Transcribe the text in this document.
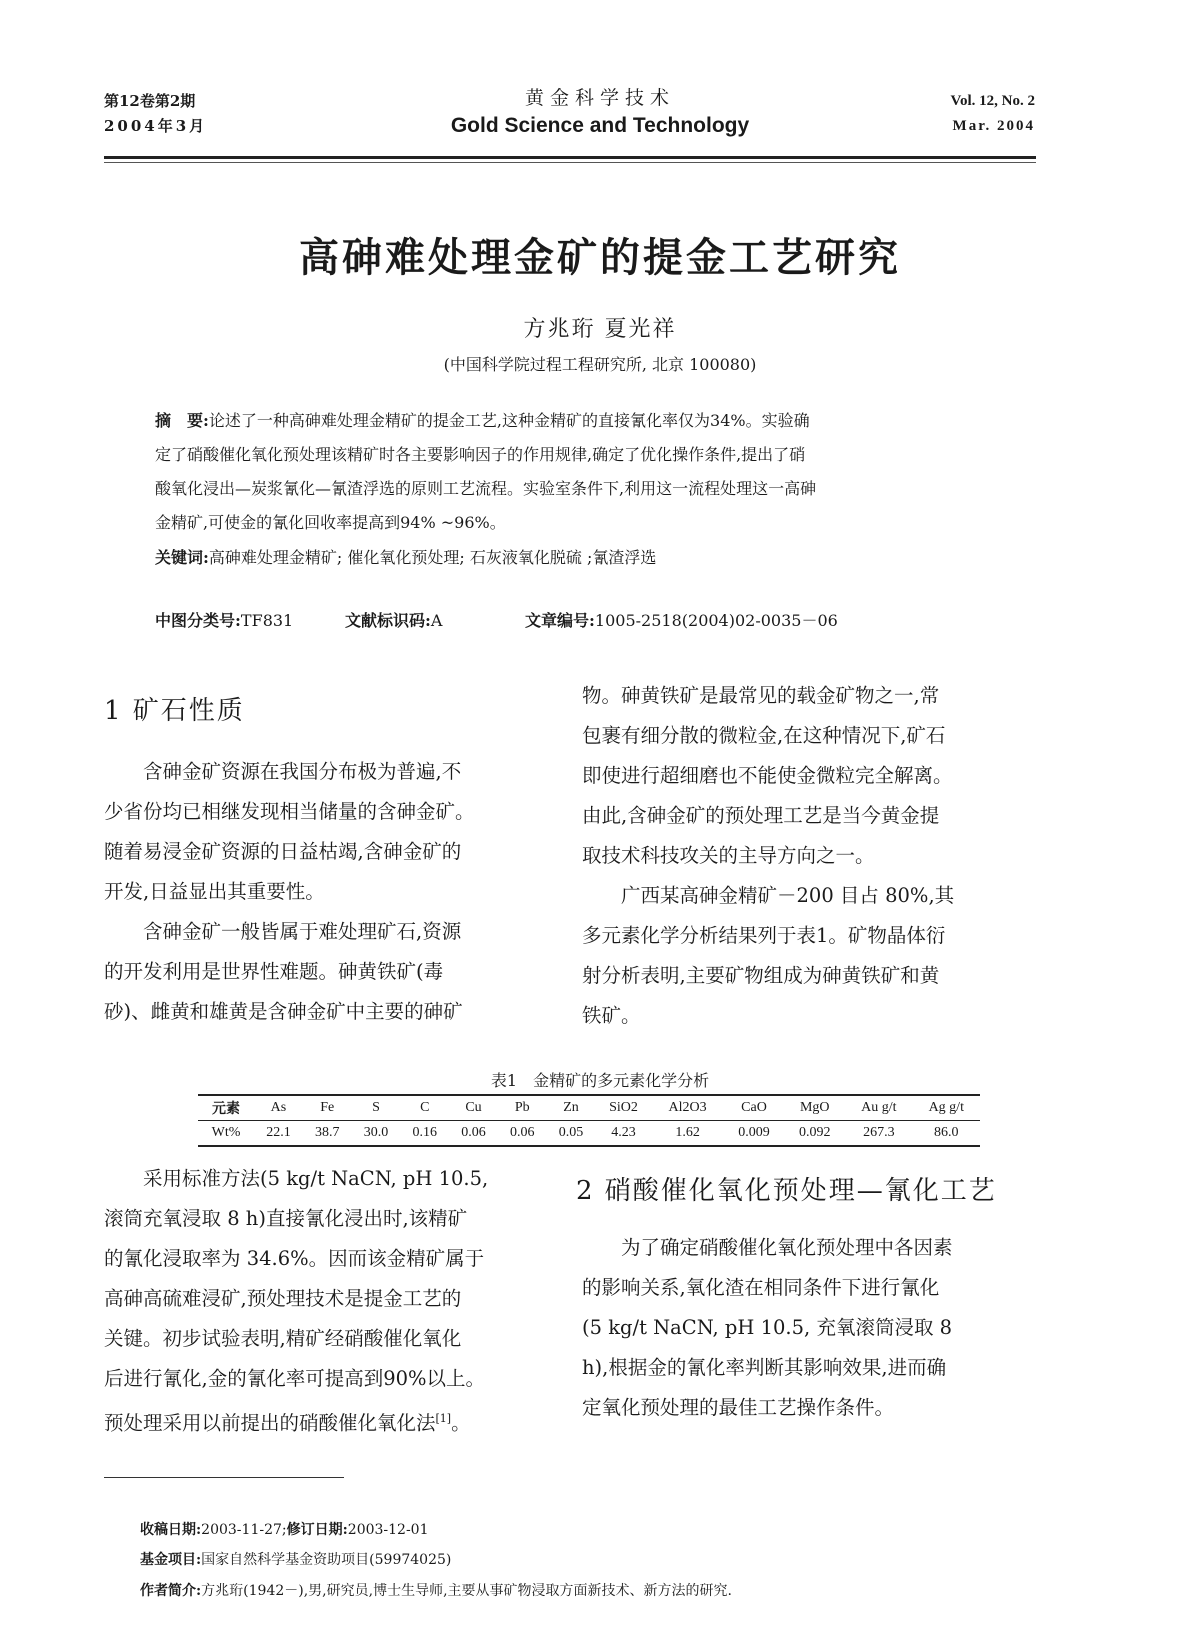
第12卷第2期
2004年3月
黄金科学技术
Gold Science and Technology
Vol. 12, No. 2
Mar. 2004
高砷难处理金矿的提金工艺研究
方兆珩 夏光祥
(中国科学院过程工程研究所, 北京 100080)
摘　要:论述了一种高砷难处理金精矿的提金工艺,这种金精矿的直接氰化率仅为34%。实验确
定了硝酸催化氧化预处理该精矿时各主要影响因子的作用规律,确定了优化操作条件,提出了硝
酸氧化浸出—炭浆氰化—氰渣浮选的原则工艺流程。实验室条件下,利用这一流程处理这一高砷
金精矿,可使金的氰化回收率提高到94% ~96%。
关键词:高砷难处理金精矿; 催化氧化预处理; 石灰液氧化脱硫 ;氰渣浮选
中图分类号:TF831	文献标识码:A	文章编号:1005-2518(2004)02-0035－06
1 矿石性质

含砷金矿资源在我国分布极为普遍,不
少省份均已相继发现相当储量的含砷金矿。
随着易浸金矿资源的日益枯竭,含砷金矿的
开发,日益显出其重要性。

含砷金矿一般皆属于难处理矿石,资源
的开发利用是世界性难题。砷黄铁矿(毒
砂)、雌黄和雄黄是含砷金矿中主要的砷矿

物。砷黄铁矿是最常见的载金矿物之一,常
包裹有细分散的微粒金,在这种情况下,矿石
即使进行超细磨也不能使金微粒完全解离。
由此,含砷金矿的预处理工艺是当今黄金提
取技术科技攻关的主导方向之一。

广西某高砷金精矿－200 目占 80%,其
多元素化学分析结果列于表1。矿物晶体衍
射分析表明,主要矿物组成为砷黄铁矿和黄
铁矿。

表1　金精矿的多元素化学分析
元素	As	Fe	S	C	Cu	Pb	Zn	SiO2	Al2O3	CaO	MgO	Au g/t	Ag g/t
Wt%	22.1	38.7	30.0	0.16	0.06	0.06	0.05	4.23	1.62	0.009	0.092	267.3	86.0

采用标准方法(5 kg/t NaCN, pH 10.5,
滚筒充氧浸取 8 h)直接氰化浸出时,该精矿
的氰化浸取率为 34.6%。因而该金精矿属于
高砷高硫难浸矿,预处理技术是提金工艺的
关键。初步试验表明,精矿经硝酸催化氧化
后进行氰化,金的氰化率可提高到90%以上。
预处理采用以前提出的硝酸催化氧化法[1]。

2 硝酸催化氧化预处理—氰化工艺

为了确定硝酸催化氧化预处理中各因素
的影响关系,氧化渣在相同条件下进行氰化
(5 kg/t NaCN, pH 10.5, 充氧滚筒浸取 8
h),根据金的氰化率判断其影响效果,进而确
定氧化预处理的最佳工艺操作条件。

收稿日期:2003-11-27;修订日期:2003-12-01
基金项目:国家自然科学基金资助项目(59974025)
作者简介:方兆珩(1942－),男,研究员,博士生导师,主要从事矿物浸取方面新技术、新方法的研究.
